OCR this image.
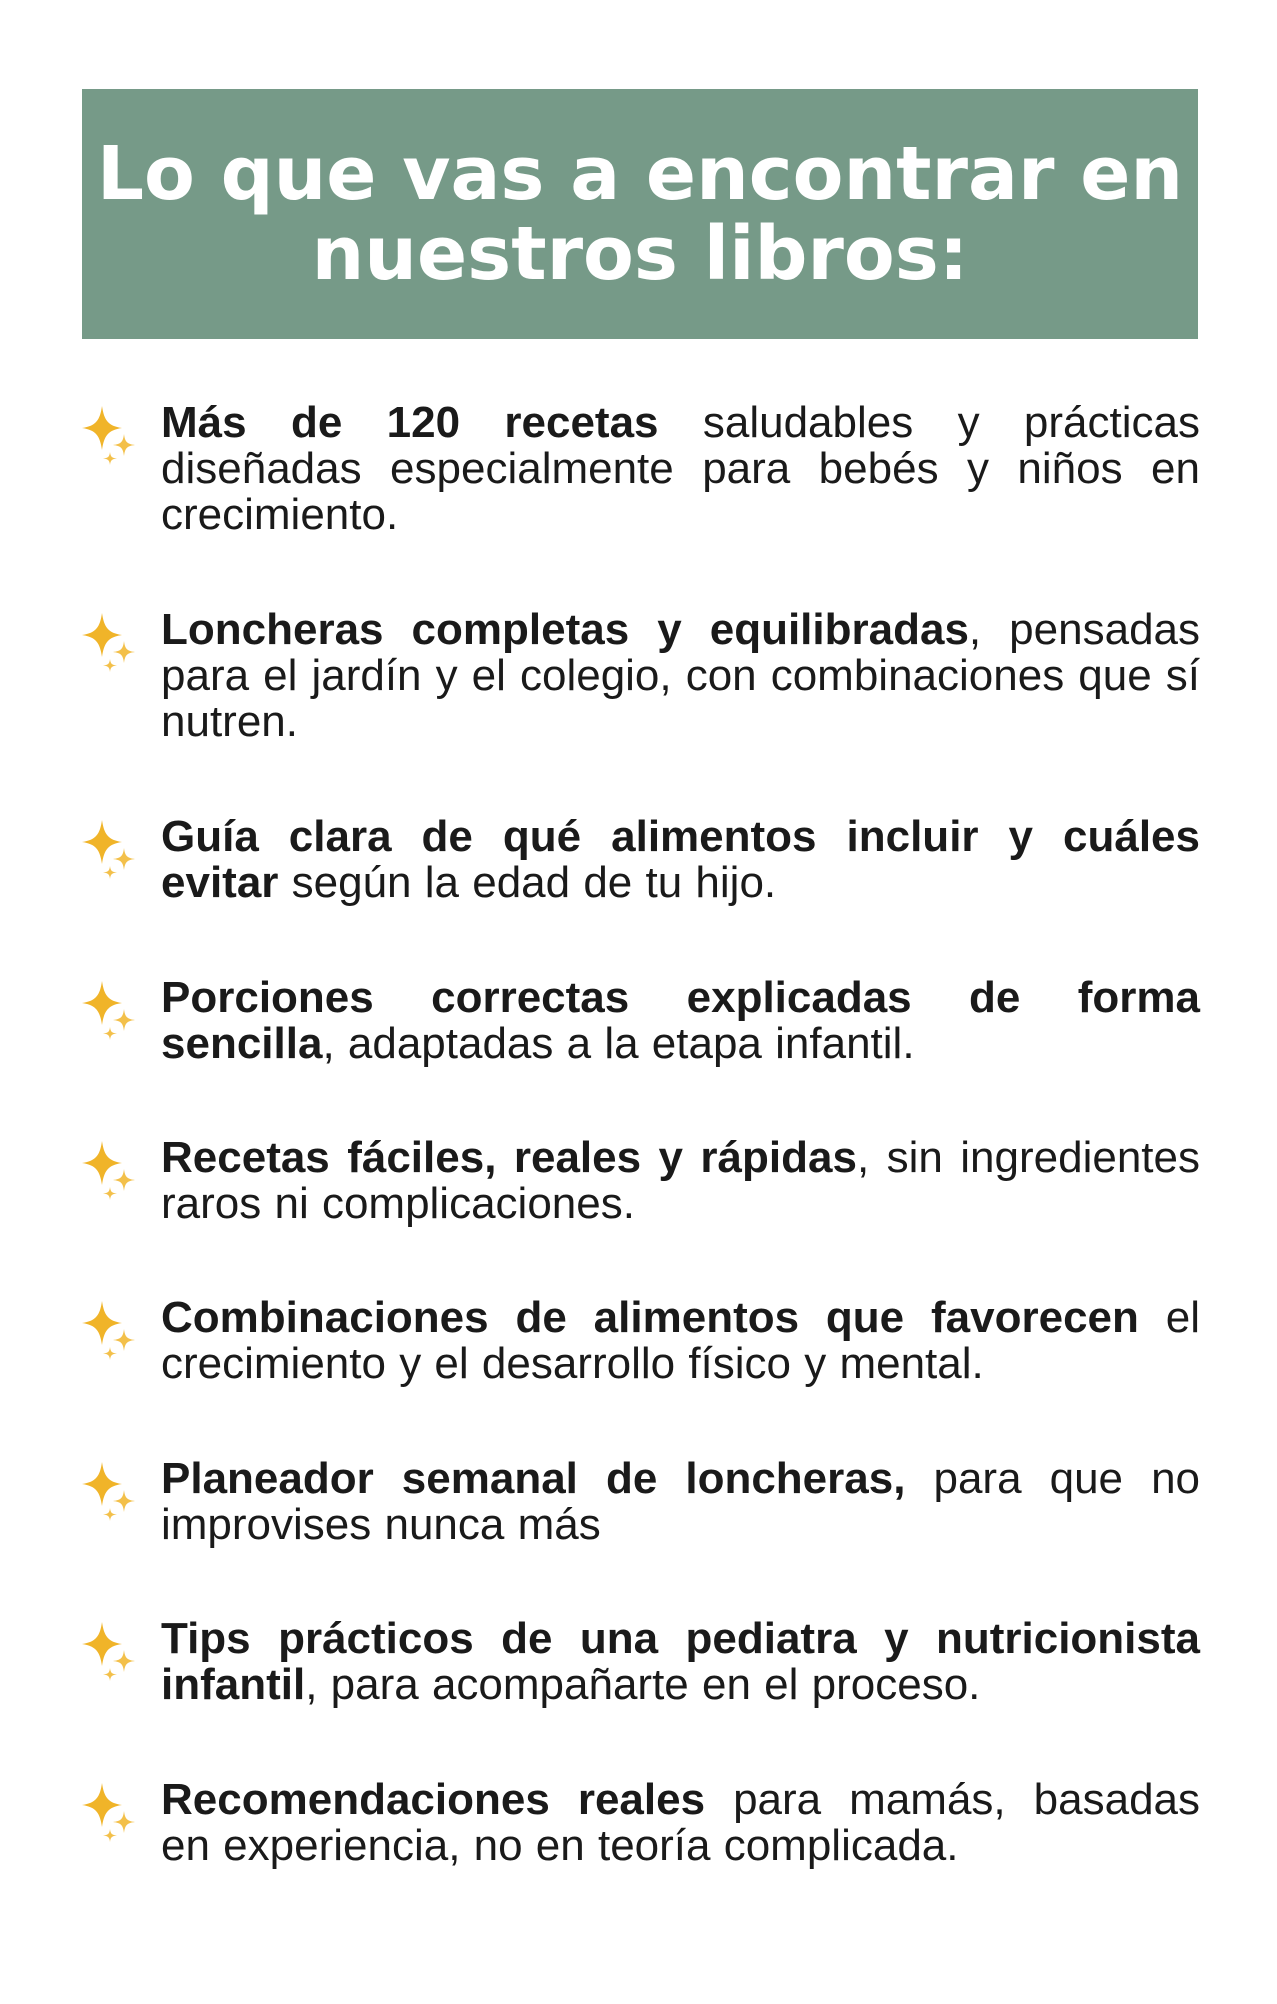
Lo que vas a encontrar en
nuestros libros:
Más de 120 recetas saludables y prácticas diseñadas especialmente para bebés y niños en crecimiento.
Loncheras completas y equilibradas, pensadas para el jardín y el colegio, con combinaciones que sí nutren.
Guía clara de qué alimentos incluir y cuáles evitar según la edad de tu hijo.
Porciones correctas explicadas de forma sencilla, adaptadas a la etapa infantil.
Recetas fáciles, reales y rápidas, sin ingredientes raros ni complicaciones.
Combinaciones de alimentos que favorecen el crecimiento y el desarrollo físico y mental.
Planeador semanal de loncheras, para que no improvises nunca más
Tips prácticos de una pediatra y nutricionista infantil, para acompañarte en el proceso.
Recomendaciones reales para mamás, basadas en experiencia, no en teoría complicada.
